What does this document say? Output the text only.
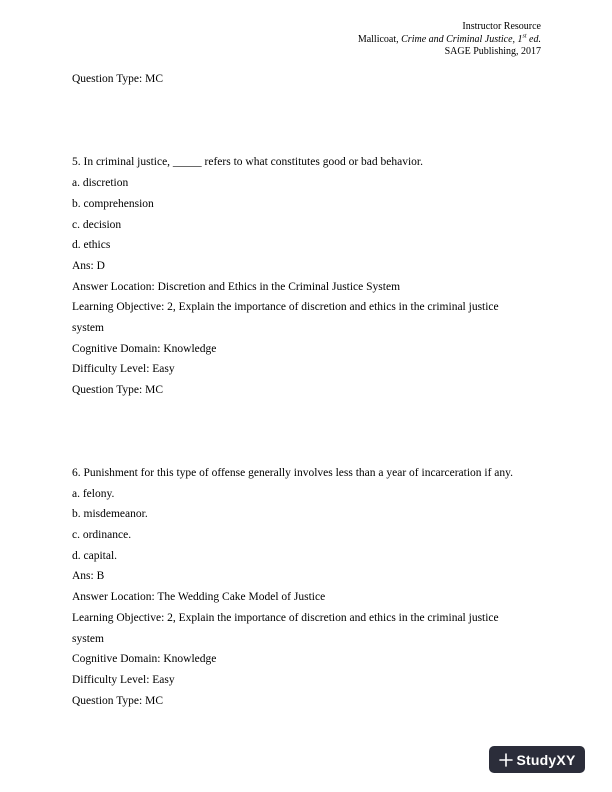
Instructor Resource
Mallicoat, Crime and Criminal Justice, 1st ed.
SAGE Publishing, 2017
Question Type: MC
5. In criminal justice, _____ refers to what constitutes good or bad behavior.
a. discretion
b. comprehension
c. decision
d. ethics
Ans: D
Answer Location: Discretion and Ethics in the Criminal Justice System
Learning Objective: 2, Explain the importance of discretion and ethics in the criminal justice
system
Cognitive Domain: Knowledge
Difficulty Level: Easy
Question Type: MC
6. Punishment for this type of offense generally involves less than a year of incarceration if any.
a. felony.
b. misdemeanor.
c. ordinance.
d. capital.
Ans: B
Answer Location: The Wedding Cake Model of Justice
Learning Objective: 2, Explain the importance of discretion and ethics in the criminal justice
system
Cognitive Domain: Knowledge
Difficulty Level: Easy
Question Type: MC
StudyXY
